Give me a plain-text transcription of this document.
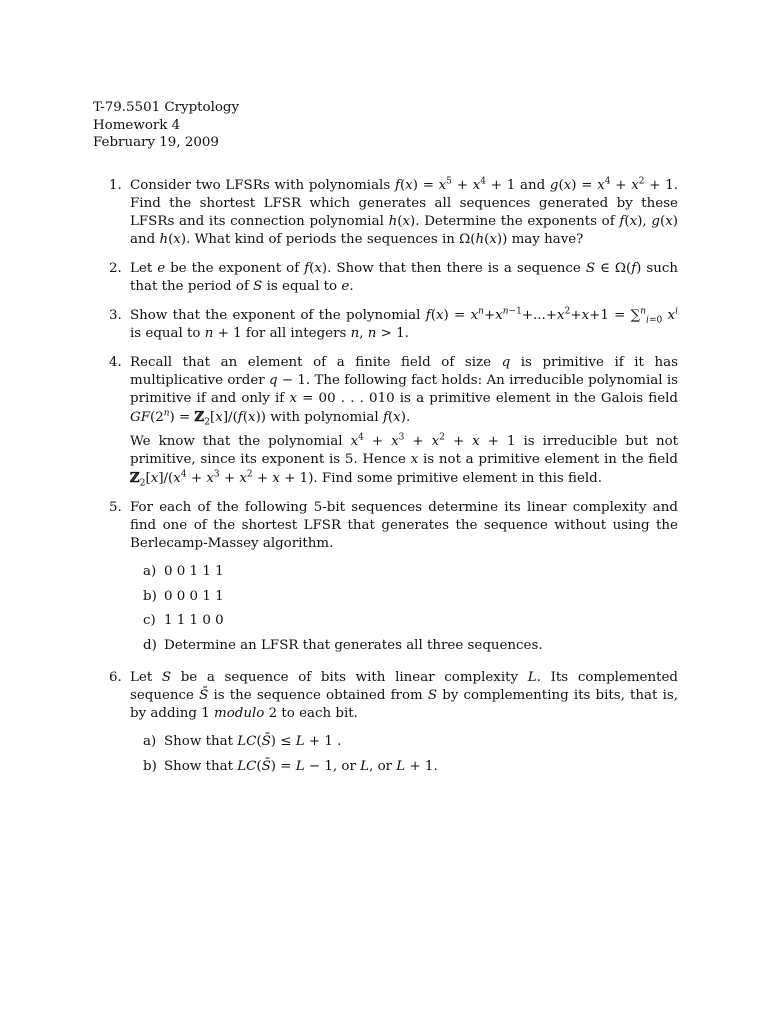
T-79.5501 Cryptology
Homework 4
February 19, 2009
1. Consider two LFSRs with polynomials $f(x) = x^5 + x^4 + 1$ and $g(x) = x^4 + x^2 + 1$. Find the shortest LFSR which generates all sequences generated by these LFSRs and its connection polynomial h(x). Determine the exponents of f(x), g(x) and h(x). What kind of periods the sequences in Ω(h(x)) may have?
2. Let e be the exponent of f(x). Show that then there is a sequence S ∈ Ω(f) such that the period of S is equal to e.
3. Show that the exponent of the polynomial $f(x) = x^n+x^{n-1}+...+x^2+x+1 = \sum^n_{i=0}$ $x^i$ is equal to n + 1 for all integers n, n > 1.
4. Recall that an element of a finite field of size q is primitive if it has multiplicative order q − 1. The following fact holds: An irreducible polynomial is primitive if and only if x = 00 . . . 010 is a primitive element in the Galois field $GF(2^n)$ = ℤ$_2$[x]/(f(x)) with polynomial f(x).
We know that the polynomial $x^4 + x^3 + x^2 + x + 1$ is irreducible but not primitive, since its exponent is 5. Hence x is not a primitive element in the field $ℤ_2[x]/(x^4 + x^3 + x^2 + x + 1)$. Find some primitive element in this field.
5. For each of the following 5-bit sequences determine its linear complexity and find one of the shortest LFSR that generates the sequence without using the Berlecamp-Massey algorithm.
a) 0 0 1 1 1
b) 0 0 0 1 1
c) 1 1 1 0 0
d) Determine an LFSR that generates all three sequences.
6. Let S be a sequence of bits with linear complexity L. Its complemented sequence S̄ is the sequence obtained from S by complementing its bits, that is, by adding 1 modulo 2 to each bit.
a) Show that LC(S̄) ≤ L + 1 .
b) Show that LC(S̄) = L − 1, or L, or L + 1.
